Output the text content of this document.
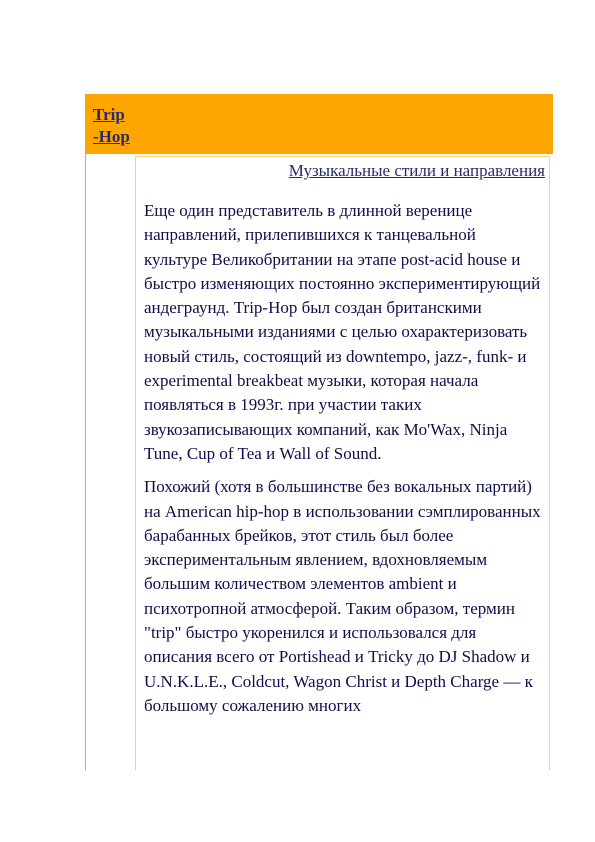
Trip
-Hop
Музыкальные стили и направления

Еще один представитель в длинной веренице направлений, прилепившихся к танцевальной культуре Великобритании на этапе post-acid house и быстро изменяющих постоянно экспериментирующий андеграунд. Trip-Hop был создан британскими музыкальными изданиями с целью охарактеризовать новый стиль, состоящий из downtempo, jazz-, funk- и experimental breakbeat музыки, которая начала появляться в 1993г. при участии таких звукозаписывающих компаний, как Mo'Wax, Ninja Tune, Cup of Tea и Wall of Sound.

Похожий (хотя в большинстве без вокальных партий) на American hip-hop в использовании сэмплированных барабанных брейков, этот стиль был более экспериментальным явлением, вдохновляемым большим количеством элементов ambient и психотропной атмосферой. Таким образом, термин "trip" быстро укоренился и использовался для описания всего от Portishead и Tricky до DJ Shadow и U.N.K.L.E., Coldcut, Wagon Christ и Depth Charge — к большому сожалению многих
